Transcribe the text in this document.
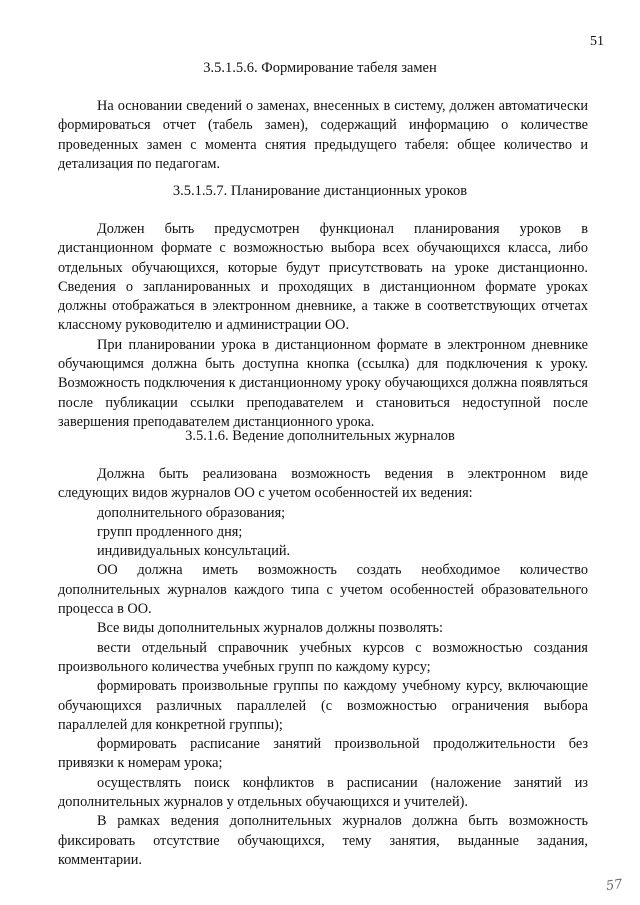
51
3.5.1.5.6. Формирование табеля замен

На основании сведений о заменах, внесенных в систему, должен автоматически формироваться отчет (табель замен), содержащий информацию о количестве проведенных замен с момента снятия предыдущего табеля: общее количество и детализация по педагогам.

3.5.1.5.7. Планирование дистанционных уроков

Должен быть предусмотрен функционал планирования уроков в дистанционном формате с возможностью выбора всех обучающихся класса, либо отдельных обучающихся, которые будут присутствовать на уроке дистанционно. Сведения о запланированных и проходящих в дистанционном формате уроках должны отображаться в электронном дневнике, а также в соответствующих отчетах классному руководителю и администрации ОО.

При планировании урока в дистанционном формате в электронном дневнике обучающимся должна быть доступна кнопка (ссылка) для подключения к уроку. Возможность подключения к дистанционному уроку обучающихся должна появляться после публикации ссылки преподавателем и становиться недоступной после завершения преподавателем дистанционного урока.

3.5.1.6. Ведение дополнительных журналов

Должна быть реализована возможность ведения в электронном виде следующих видов журналов ОО с учетом особенностей их ведения:

дополнительного образования;

групп продленного дня;

индивидуальных консультаций.

ОО должна иметь возможность создать необходимое количество дополнительных журналов каждого типа с учетом особенностей образовательного процесса в ОО.

Все виды дополнительных журналов должны позволять:

вести отдельный справочник учебных курсов с возможностью создания произвольного количества учебных групп по каждому курсу;

формировать произвольные группы по каждому учебному курсу, включающие обучающихся различных параллелей (с возможностью ограничения выбора параллелей для конкретной группы);

формировать расписание занятий произвольной продолжительности без привязки к номерам урока;

осуществлять поиск конфликтов в расписании (наложение занятий из дополнительных журналов у отдельных обучающихся и учителей).

В рамках ведения дополнительных журналов должна быть возможность фиксировать отсутствие обучающихся, тему занятия, выданные задания, комментарии.

57
